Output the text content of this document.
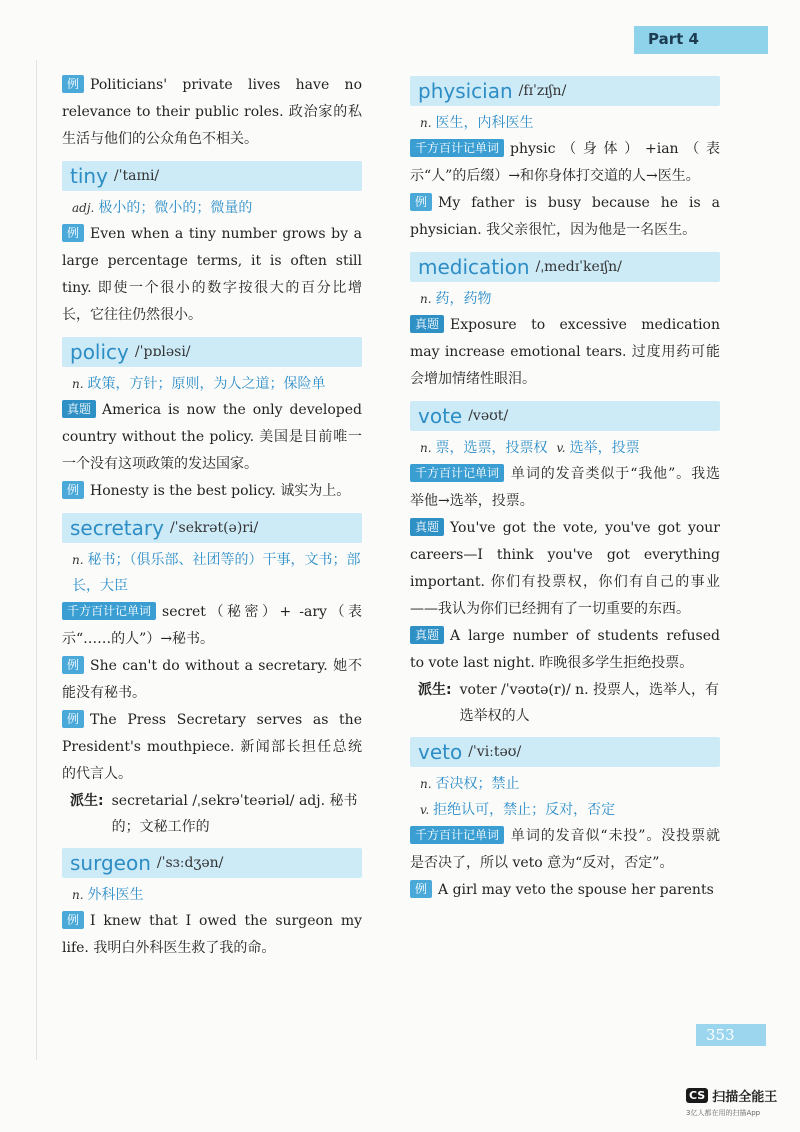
Part 4
例 Politicians' private lives have no relevance to their public roles. 政治家的私生活与他们的公众角色不相关。
tiny /ˈtaɪni/
adj. 极小的；微小的；微量的
例 Even when a tiny number grows by a large percentage terms, it is often still tiny. 即使一个很小的数字按很大的百分比增长，它往往仍然很小。
policy /ˈpɒləsi/
n. 政策，方针；原则，为人之道；保险单
真题 America is now the only developed country without the policy. 美国是目前唯一一个没有这项政策的发达国家。
例 Honesty is the best policy. 诚实为上。
secretary /ˈsekrət(ə)ri/
n. 秘书；（俱乐部、社团等的）干事，文书；部长，大臣
千方百计记单词 secret（秘密）+ -ary（表示“……的人”）→秘书。
例 She can't do without a secretary. 她不能没有秘书。
例 The Press Secretary serves as the President's mouthpiece. 新闻部长担任总统的代言人。
派生: secretarial /ˌsekrəˈteəriəl/ adj. 秘书的；文秘工作的
surgeon /ˈsɜːdʒən/
n. 外科医生
例 I knew that I owed the surgeon my life. 我明白外科医生救了我的命。
physician /fɪˈzɪʃn/
n. 医生，内科医生
千方百计记单词 physic（身体）+ian（表示“人”的后缀）→和你身体打交道的人→医生。
例 My father is busy because he is a physician. 我父亲很忙，因为他是一名医生。
medication /ˌmedɪˈkeɪʃn/
n. 药，药物
真题 Exposure to excessive medication may increase emotional tears. 过度用药可能会增加情绪性眼泪。
vote /vəʊt/
n. 票，选票，投票权 v. 选举，投票
千方百计记单词 单词的发音类似于“我他”。我选举他→选举，投票。
真题 You've got the vote, you've got your careers—I think you've got everything important. 你们有投票权，你们有自己的事业——我认为你们已经拥有了一切重要的东西。
真题 A large number of students refused to vote last night. 昨晚很多学生拒绝投票。
派生: voter /ˈvəʊtə(r)/ n. 投票人，选举人，有选举权的人
veto /ˈviːtəʊ/
n. 否决权；禁止
v. 拒绝认可，禁止；反对，否定
千方百计记单词 单词的发音似“未投”。没投票就是否决了，所以 veto 意为“反对，否定”。
例 A girl may veto the spouse her parents
353
CS 扫描全能王
3亿人都在用的扫描App
